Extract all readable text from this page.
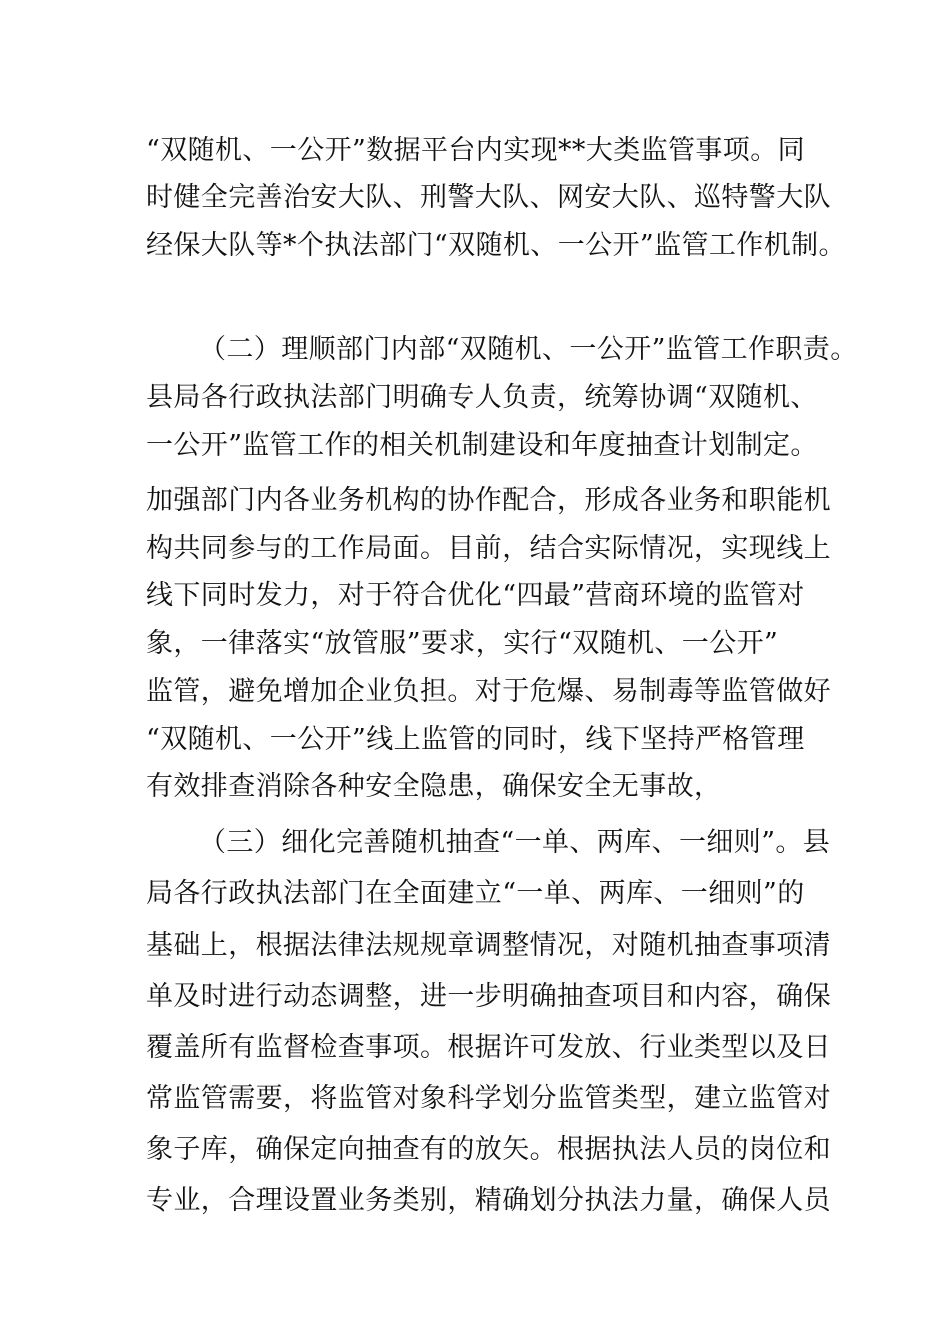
“双随机、一公开”数据平台内实现**大类监管事项。同
时健全完善治安大队、刑警大队、网安大队、巡特警大队
经保大队等*个执法部门“双随机、一公开”监管工作机制。
（二）理顺部门内部“双随机、一公开”监管工作职责。
县局各行政执法部门明确专人负责，统筹协调“双随机、
一公开”监管工作的相关机制建设和年度抽查计划制定。
加强部门内各业务机构的协作配合，形成各业务和职能机
构共同参与的工作局面。目前，结合实际情况，实现线上
线下同时发力，对于符合优化“四最”营商环境的监管对
象，一律落实“放管服”要求，实行“双随机、一公开”
监管，避免增加企业负担。对于危爆、易制毒等监管做好
“双随机、一公开”线上监管的同时，线下坚持严格管理
有效排查消除各种安全隐患，确保安全无事故，
（三）细化完善随机抽查“一单、两库、一细则”。县
局各行政执法部门在全面建立“一单、两库、一细则”的
基础上，根据法律法规规章调整情况，对随机抽查事项清
单及时进行动态调整，进一步明确抽查项目和内容，确保
覆盖所有监督检查事项。根据许可发放、行业类型以及日
常监管需要，将监管对象科学划分监管类型，建立监管对
象子库，确保定向抽查有的放矢。根据执法人员的岗位和
专业，合理设置业务类别，精确划分执法力量，确保人员
